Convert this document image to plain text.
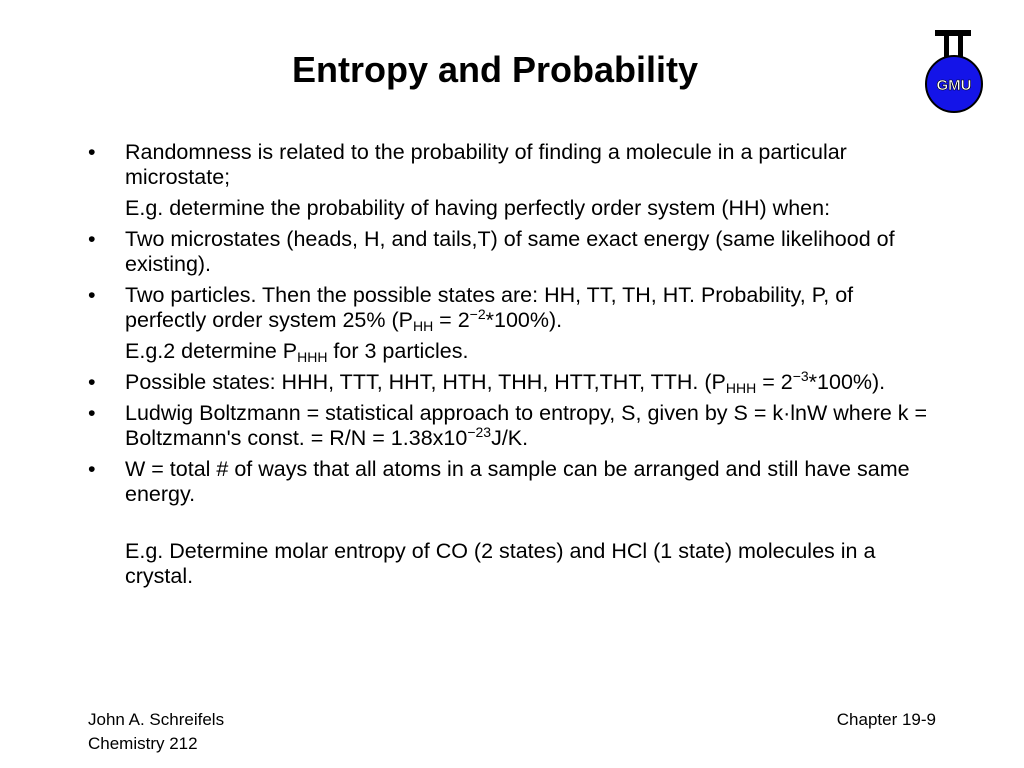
Entropy and Probability	GMU
• Randomness is related to the probability of finding a molecule in a particular microstate;
E.g. determine the probability of having perfectly order system (HH) when:
• Two microstates (heads, H, and tails,T) of same exact energy (same likelihood of existing).
• Two particles. Then the possible states are: HH, TT, TH, HT. Probability, P, of perfectly order system 25% $(P_{HH} = 2^{-2}*100\%)$.
E.g.2 determine $P_{HHH}$ for 3 particles.
• Possible states: HHH, TTT, HHT, HTH, THH, HTT,THT, TTH. $(P_{HHH} = 2^{-3}*100\%)$.
• Ludwig Boltzmann = statistical approach to entropy, S, given by S = k·lnW where k = Boltzmann's const. = $R/N = 1.38x10^{-23}J/K$.
• W = total # of ways that all atoms in a sample can be arranged and still have same energy.
E.g. Determine molar entropy of CO (2 states) and HCl (1 state) molecules in a crystal.
John A. Schreifels
Chemistry 212
Chapter 19-9
